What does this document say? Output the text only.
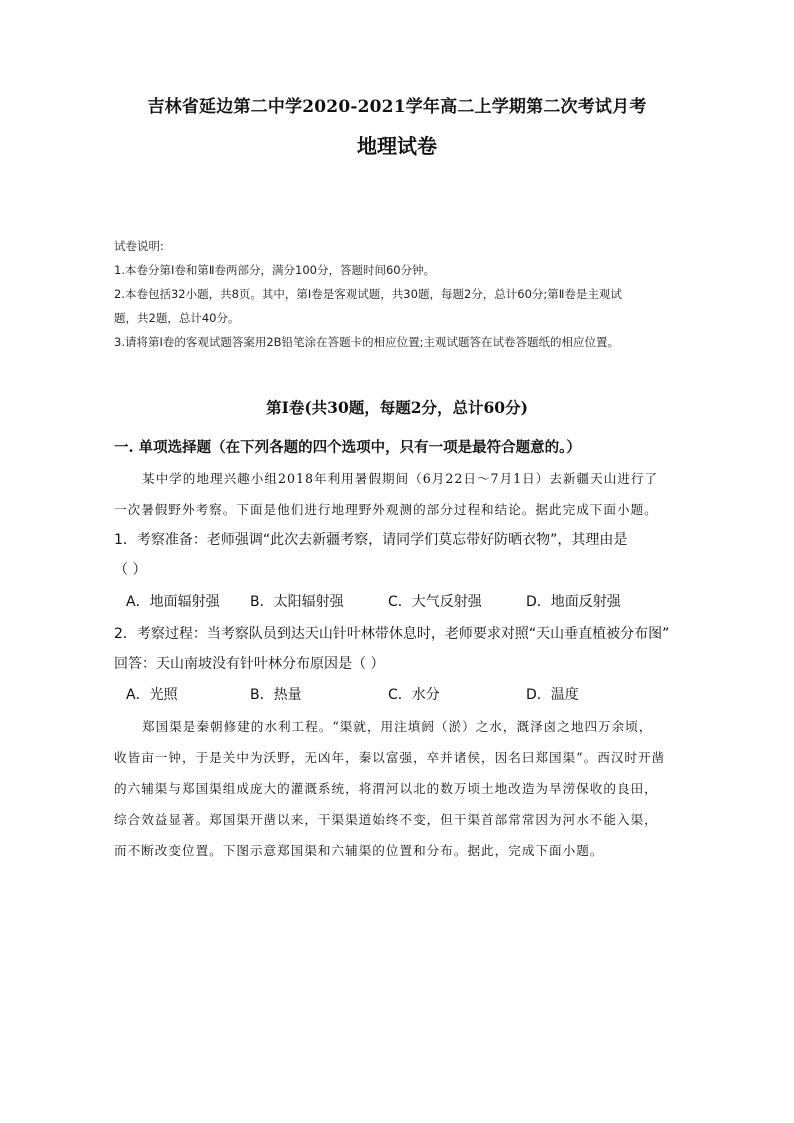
吉林省延边第二中学2020-2021学年高二上学期第二次考试月考
地理试卷
试卷说明:
1.本卷分第Ⅰ卷和第Ⅱ卷两部分，满分100分，答题时间60分钟。
2.本卷包括32小题，共8页。其中，第Ⅰ卷是客观试题，共30题，每题2分，总计60分;第Ⅱ卷是主观试
题，共2题，总计40分。
3.请将第Ⅰ卷的客观试题答案用2B铅笔涂在答题卡的相应位置;主观试题答在试卷答题纸的相应位置。
第Ⅰ卷(共30题，每题2分，总计60分)
一. 单项选择题（在下列各题的四个选项中，只有一项是最符合题意的。）
某中学的地理兴趣小组2018年利用暑假期间（6月22日～7月1日）去新疆天山进行了
一次暑假野外考察。下面是他们进行地理野外观测的部分过程和结论。据此完成下面小题。
1．考察准备：老师强调“此次去新疆考察，请同学们莫忘带好防晒衣物”，其理由是
（ ）
A．地面辐射强 B．太阳辐射强	C．大气反射强	D．地面反射强
2．考察过程：当考察队员到达天山针叶林带休息时，老师要求对照“天山垂直植被分布图”
回答：天山南坡没有针叶林分布原因是（ ）
A．光照	B．热量	C．水分	D．温度
郑国渠是秦朝修建的水利工程。“渠就，用注填阏（淤）之水，溉泽卤之地四万余顷，
收皆亩一钟，于是关中为沃野，无凶年，秦以富强，卒并诸侯，因名曰郑国渠”。西汉时开凿
的六辅渠与郑国渠组成庞大的灌溉系统，将渭河以北的数万顷土地改造为旱涝保收的良田，
综合效益显著。郑国渠开凿以来，干渠渠道始终不变，但干渠首部常常因为河水不能入渠，
而不断改变位置。下图示意郑国渠和六辅渠的位置和分布。据此，完成下面小题。
